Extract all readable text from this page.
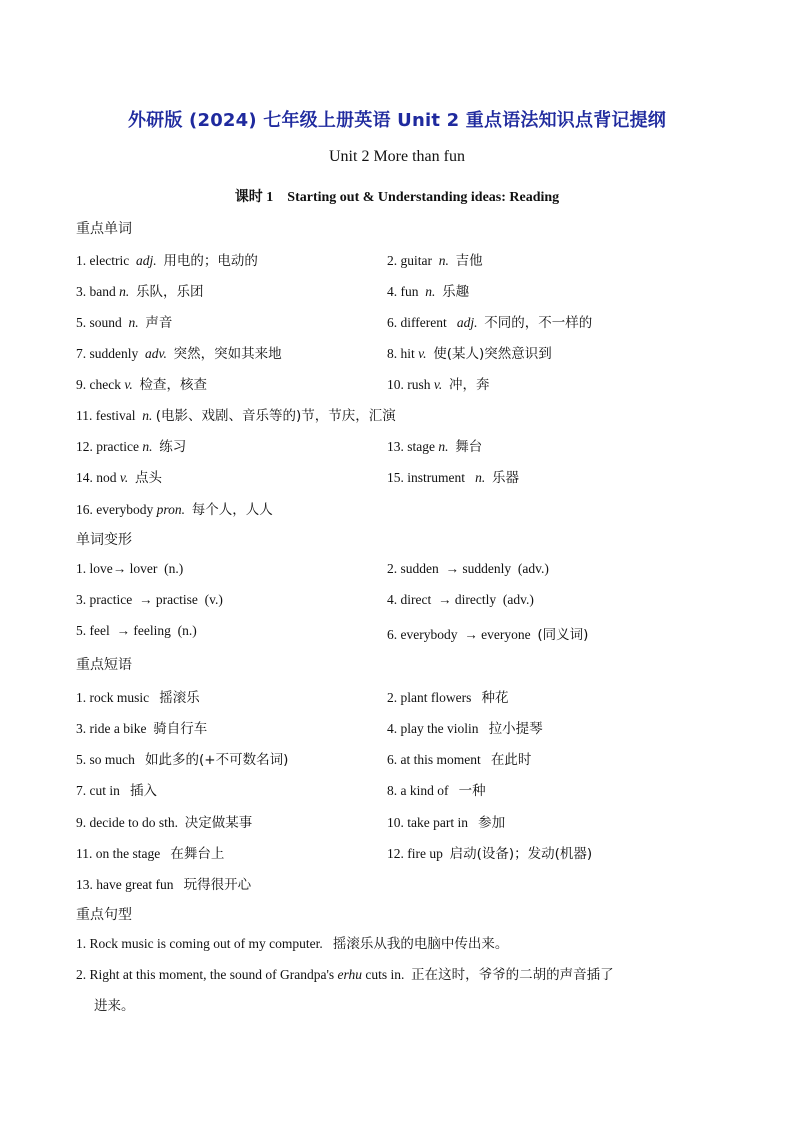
外研版 (2024) 七年级上册英语 Unit 2 重点语法知识点背记提纲
Unit 2 More than fun
课时 1　Starting out & Understanding ideas: Reading
重点单词
1. electric adj. 用电的；电动的	2. guitar n. 吉他
3. band n. 乐队，乐团	4. fun n. 乐趣
5. sound n. 声音	6. different adj. 不同的，不一样的
7. suddenly adv. 突然，突如其来地	8. hit v. 使(某人)突然意识到
9. check v. 检查，核查	10. rush v. 冲，奔
11. festival n. (电影、戏剧、音乐等的)节，节庆，汇演
12. practice n. 练习	13. stage n. 舞台
14. nod v. 点头	15. instrument n. 乐器
16. everybody pron. 每个人，人人
单词变形
1. love→ lover (n.)	2. sudden → suddenly (adv.)
3. practice → practise (v.)	4. direct → directly (adv.)
5. feel → feeling (n.)	6. everybody → everyone (同义词)
重点短语
1. rock music 摇滚乐	2. plant flowers 种花
3. ride a bike 骑自行车	4. play the violin 拉小提琴
5. so much 如此多的(+不可数名词)	6. at this moment 在此时
7. cut in 插入	8. a kind of 一种
9. decide to do sth. 决定做某事	10. take part in 参加
11. on the stage 在舞台上	12. fire up 启动(设备)；发动(机器)
13. have great fun 玩得很开心
重点句型
1. Rock music is coming out of my computer. 摇滚乐从我的电脑中传出来。
2. Right at this moment, the sound of Grandpa's erhu cuts in. 正在这时，爷爷的二胡的声音插了
进来。
